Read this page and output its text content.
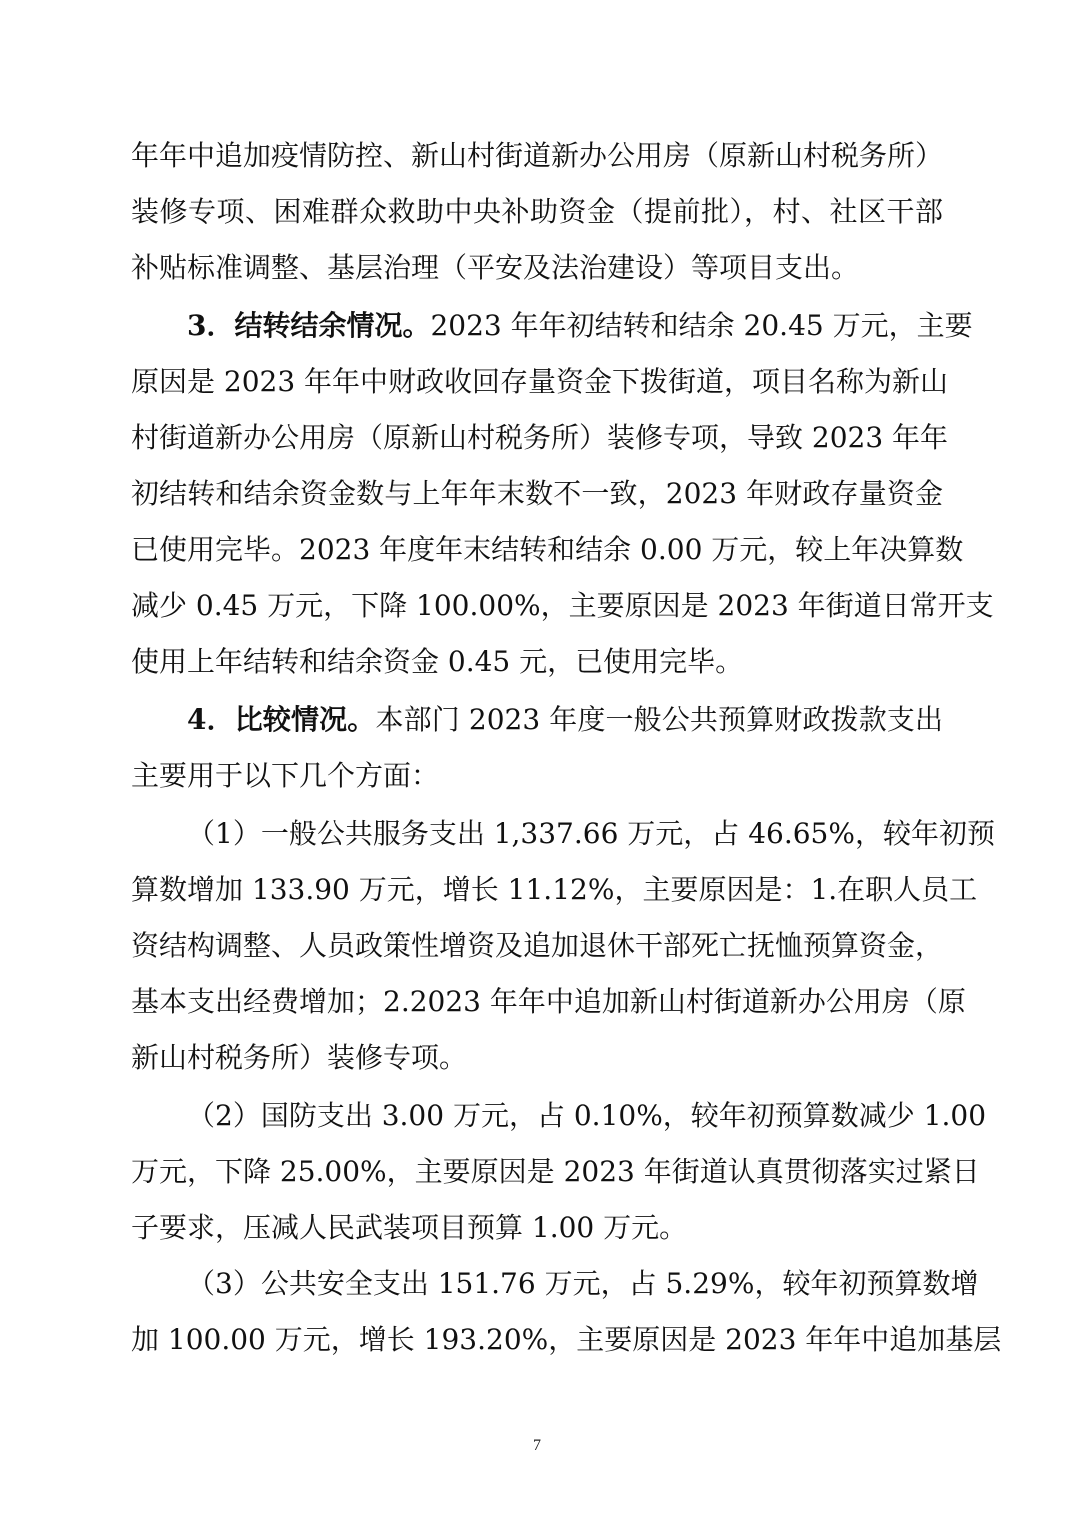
年年中追加疫情防控、新山村街道新办公用房（原新山村税务所）
装修专项、困难群众救助中央补助资金（提前批），村、社区干部
补贴标准调整、基层治理（平安及法治建设）等项目支出。
3．结转结余情况。2023 年年初结转和结余 20.45 万元，主要
原因是 2023 年年中财政收回存量资金下拨街道，项目名称为新山
村街道新办公用房（原新山村税务所）装修专项，导致 2023 年年
初结转和结余资金数与上年年末数不一致，2023 年财政存量资金
已使用完毕。2023 年度年末结转和结余 0.00 万元，较上年决算数
减少 0.45 万元，下降 100.00%，主要原因是 2023 年街道日常开支
使用上年结转和结余资金 0.45 元，已使用完毕。
4．比较情况。本部门 2023 年度一般公共预算财政拨款支出
主要用于以下几个方面：
（1）一般公共服务支出 1,337.66 万元，占 46.65%，较年初预
算数增加 133.90 万元，增长 11.12%，主要原因是：1.在职人员工
资结构调整、人员政策性增资及追加退休干部死亡抚恤预算资金，
基本支出经费增加；2.2023 年年中追加新山村街道新办公用房（原
新山村税务所）装修专项。
（2）国防支出 3.00 万元，占 0.10%，较年初预算数减少 1.00
万元，下降 25.00%，主要原因是 2023 年街道认真贯彻落实过紧日
子要求，压减人民武装项目预算 1.00 万元。
（3）公共安全支出 151.76 万元，占 5.29%，较年初预算数增
加 100.00 万元，增长 193.20%，主要原因是 2023 年年中追加基层
7
